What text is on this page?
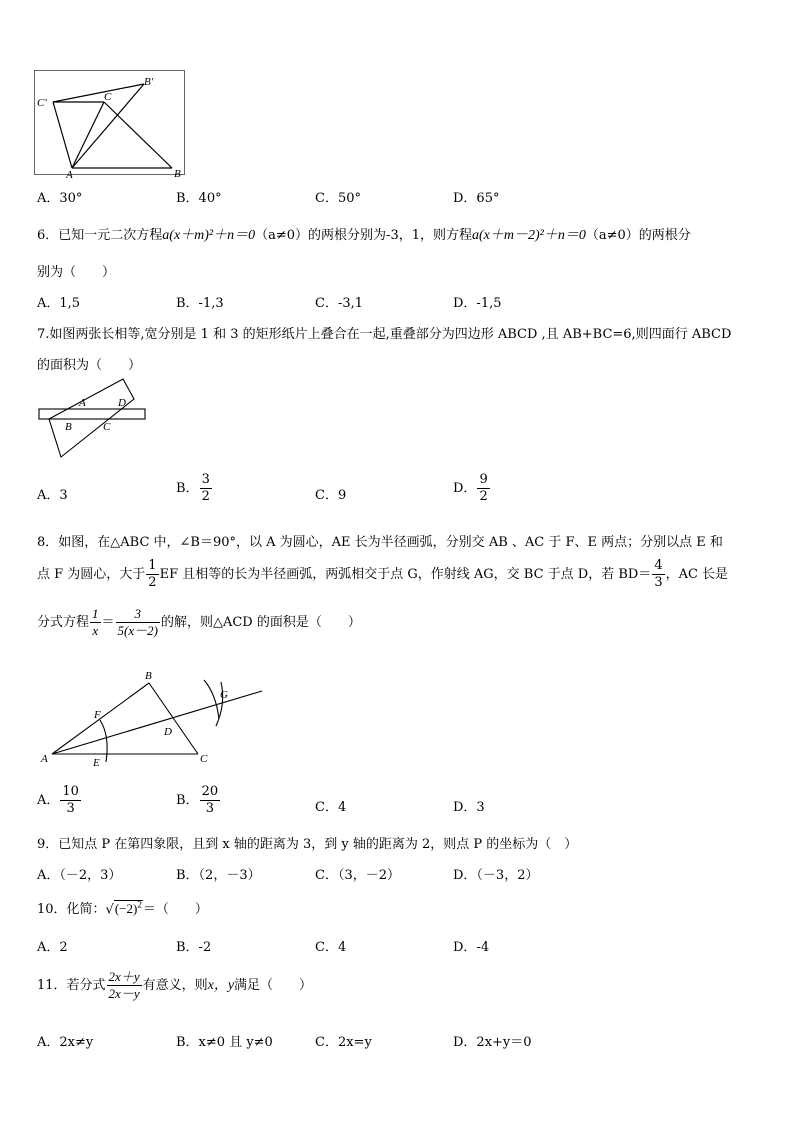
C′	C
B′
A	B
A．30°	B．40°	C．50°	D．65°
6．已知一元二次方程a(x＋m)²＋n＝0（a≠0）的两根分别为-3，1，则方程a(x＋m－2)²＋n＝0（a≠0）的两根分
别为（　　）
A．1,5	B．-1,3	C．-3,1	D．-1,5
7.如图两张长相等,宽分别是 1 和 3 的矩形纸片上叠合在一起,重叠部分为四边形 ABCD ,且 AB+BC=6,则四面行 ABCD
的面积为（　　）
A	D
B	C
A．3	B． $\frac{3}{2}$	C．9	D． $\frac{9}{2}$
8．如图，在△ABC 中，∠B＝90°，以 A 为圆心，AE 长为半径画弧，分别交 AB 、AC 于 F、E 两点；分别以点 E 和
点 F 为圆心，大于 $\frac{1}{2}$ EF 且相等的长为半径画弧，两弧相交于点 G，作射线 AG，交 BC 于点 D，若 $BD= \frac{4}{3}$ ，AC 长是
分式方程 $\frac{1}{x} = \frac{3}{5(x-2)}$ 的解，则△ACD 的面积是（　　）
B
F
G
D
A	E	C
A． $\frac{10}{3}$	B． $\frac{20}{3}$	C．4	D．3
9．已知点 P 在第四象限，且到 x 轴的距离为 3，到 y 轴的距离为 2，则点 P 的坐标为（　）
A．（－2，3）	B．（2，－3）	C．（3，－2）	D．（－3，2）
10．化简：$√(-2)^2=$（　　）
A．2	B．-2	C．4	D．-4
11．若分式 $\frac{2x+y}{2x-y}$ 有意义，则x，y满足（　　）
A．2x≠y	B．x≠0 且 y≠0	C．2x=y	D．2x+y＝0
